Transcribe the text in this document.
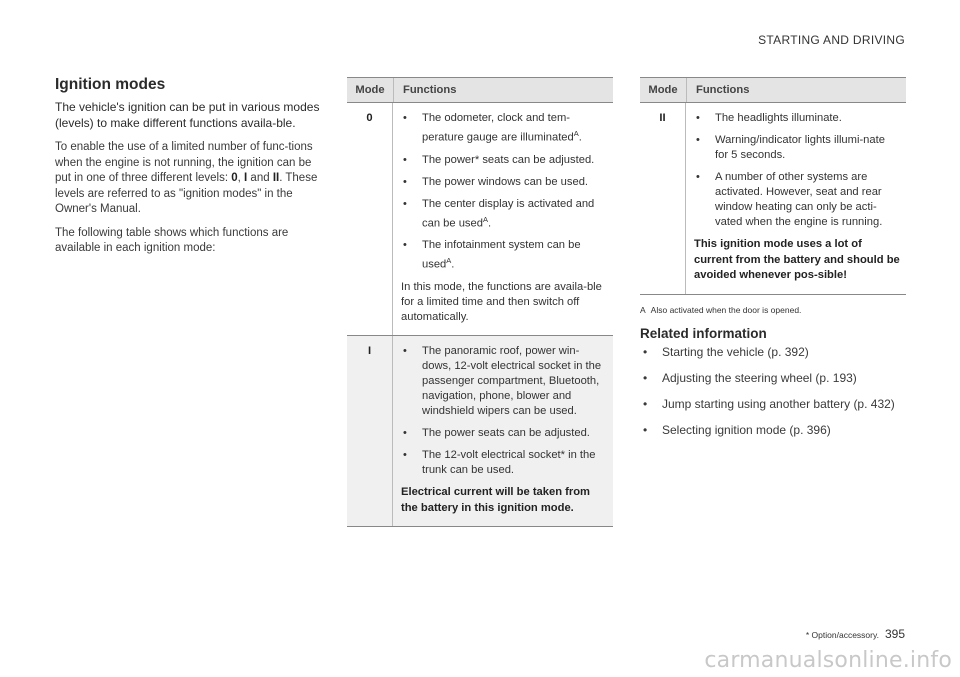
STARTING AND DRIVING
Ignition modes

The vehicle's ignition can be put in various modes (levels) to make different functions availa-ble.

To enable the use of a limited number of func-tions when the engine is not running, the ignition can be put in one of three different levels: 0, I and II. These levels are referred to as "ignition modes" in the Owner's Manual.

The following table shows which functions are available in each ignition mode:

Mode	Functions
0	• The odometer, clock and tem-perature gauge are illuminated$^A$.
• The power* seats can be adjusted.
• The power windows can be used.
• The center display is activated and can be used$^A$.
• The infotainment system can be used$^A$.

In this mode, the functions are availa-ble for a limited time and then switch off automatically.

I	• The panoramic roof, power win-dows, 12-volt electrical socket in the passenger compartment, Bluetooth, navigation, phone, blower and windshield wipers can be used.
• The power seats can be adjusted.
• The 12-volt electrical socket* in the trunk can be used.

Electrical current will be taken from the battery in this ignition mode.

Mode	Functions
II	• The headlights illuminate.
• Warning/indicator lights illumi-nate for 5 seconds.
• A number of other systems are activated. However, seat and rear window heating can only be acti-vated when the engine is running.

This ignition mode uses a lot of current from the battery and should be avoided whenever pos-sible!

A Also activated when the door is opened.
Related information
• Starting the vehicle (p. 392)
• Adjusting the steering wheel (p. 193)
• Jump starting using another battery (p. 432)
• Selecting ignition mode (p. 396)
* Option/accessory. 395
carmanualsonline.info
